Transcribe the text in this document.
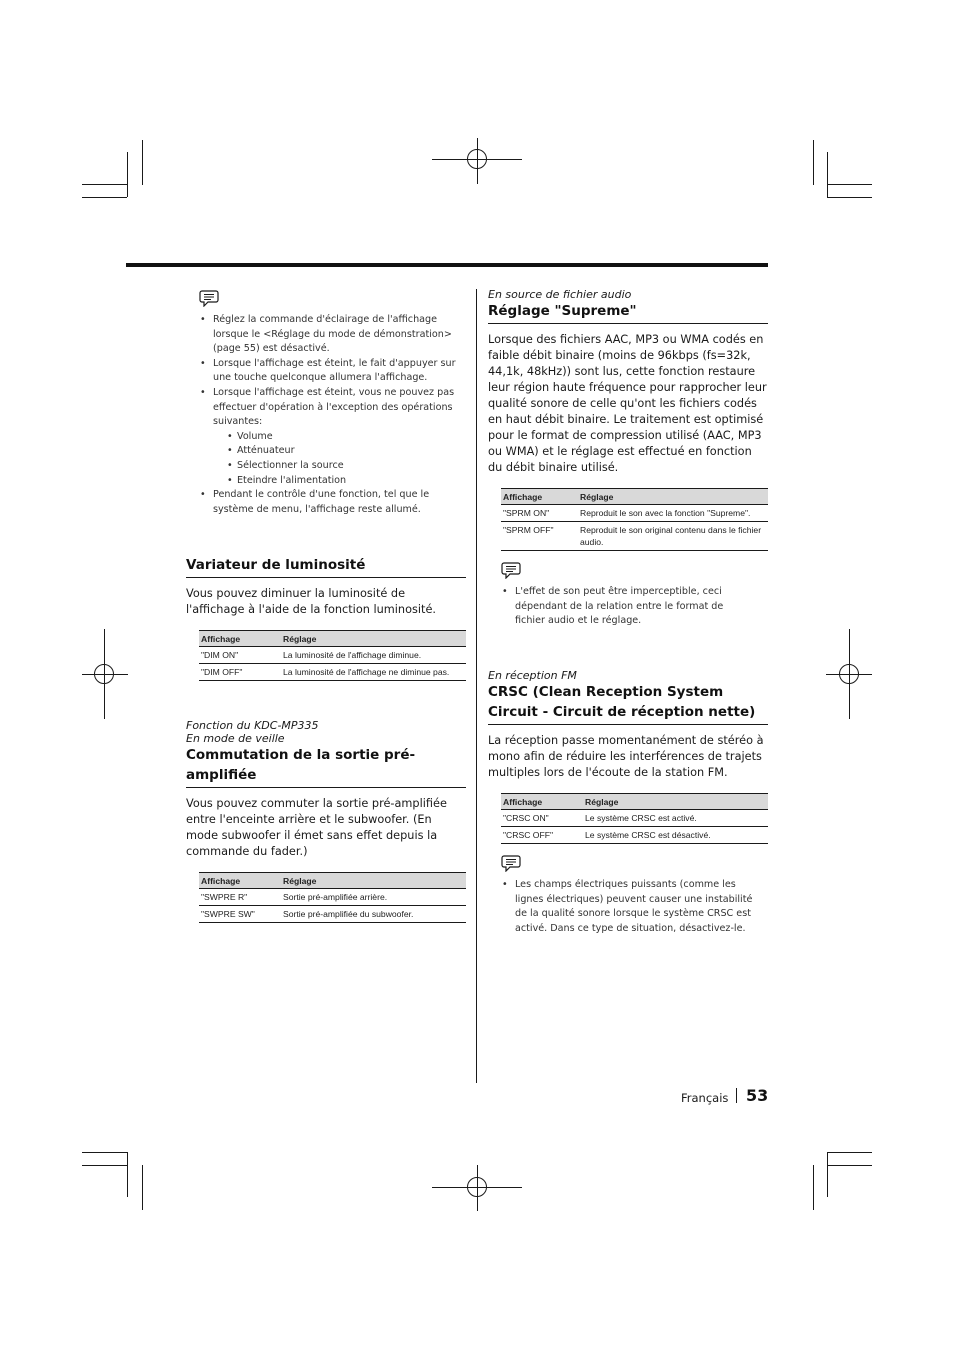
• Réglez la commande d'éclairage de l'affichage lorsque le <Réglage du mode de démonstration> (page 55) est désactivé.
• Lorsque l'affichage est éteint, le fait d'appuyer sur une touche quelconque allumera l'affichage.
• Lorsque l'affichage est éteint, vous ne pouvez pas effectuer d'opération à l'exception des opérations suivantes:
• Volume
• Atténuateur
• Sélectionner la source
• Eteindre l'alimentation
• Pendant le contrôle d'une fonction, tel que le système de menu, l'affichage reste allumé.
Variateur de luminosité

Vous pouvez diminuer la luminosité de l'affichage à l'aide de la fonction luminosité.

Affichage	Réglage
"DIM ON"	La luminosité de l'affichage diminue.
"DIM OFF"	La luminosité de l'affichage ne diminue pas.

Fonction du KDC-MP335

En mode de veille

Commutation de la sortie pré-amplifiée

Vous pouvez commuter la sortie pré-amplifiée entre l'enceinte arrière et le subwoofer. (En mode subwoofer il émet sans effet depuis la commande du fader.)

Affichage	Réglage
"SWPRE R"	Sortie pré-amplifiée arrière.
"SWPRE SW"	Sortie pré-amplifiée du subwoofer.

En source de fichier audio

Réglage "Supreme"

Lorsque des fichiers AAC, MP3 ou WMA codés en faible débit binaire (moins de 96kbps (fs=32k, 44,1k, 48kHz)) sont lus, cette fonction restaure leur région haute fréquence pour rapprocher leur qualité sonore de celle qu'ont les fichiers codés en haut débit binaire. Le traitement est optimisé pour le format de compression utilisé (AAC, MP3 ou WMA) et le réglage est effectué en fonction du débit binaire utilisé.

Affichage	Réglage
"SPRM ON"	Reproduit le son avec la fonction "Supreme".
"SPRM OFF"	Reproduit le son original contenu dans le fichier audio.
• L'effet de son peut être imperceptible, ceci dépendant de la relation entre le format de fichier audio et le réglage.

En réception FM

CRSC (Clean Reception System Circuit - Circuit de réception nette)

La réception passe momentanément de stéréo à mono afin de réduire les interférences de trajets multiples lors de l'écoute de la station FM.

Affichage	Réglage
"CRSC ON"	Le système CRSC est activé.
"CRSC OFF"	Le système CRSC est désactivé.
• Les champs électriques puissants (comme les lignes électriques) peuvent causer une instabilité de la qualité sonore lorsque le système CRSC est activé. Dans ce type de situation, désactivez-le.
Français 53
